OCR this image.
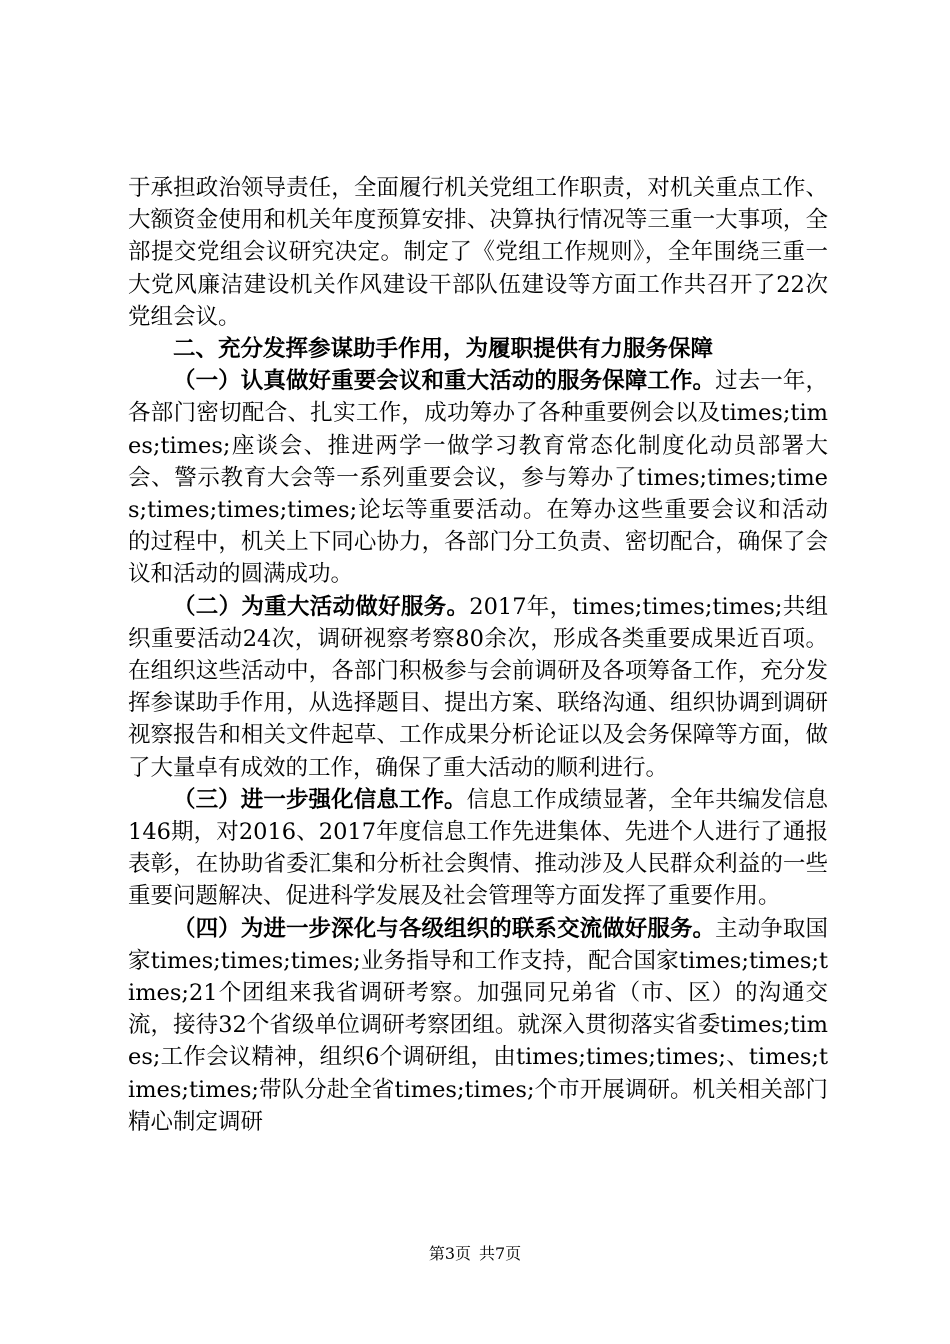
于承担政治领导责任，全面履行机关党组工作职责，对机关重点工作、大额资金使用和机关年度预算安排、决算执行情况等三重一大事项，全部提交党组会议研究决定。制定了《党组工作规则》，全年围绕三重一大党风廉洁建设机关作风建设干部队伍建设等方面工作共召开了22次党组会议。

二、充分发挥参谋助手作用，为履职提供有力服务保障

（一）认真做好重要会议和重大活动的服务保障工作。过去一年，各部门密切配合、扎实工作，成功筹办了各种重要例会以及times;times;times;座谈会、推进两学一做学习教育常态化制度化动员部署大会、警示教育大会等一系列重要会议，参与筹办了times;times;times;times;times;times;论坛等重要活动。在筹办这些重要会议和活动的过程中，机关上下同心协力，各部门分工负责、密切配合，确保了会议和活动的圆满成功。

（二）为重大活动做好服务。2017年，times;times;times;共组织重要活动24次，调研视察考察80余次，形成各类重要成果近百项。在组织这些活动中，各部门积极参与会前调研及各项筹备工作，充分发挥参谋助手作用，从选择题目、提出方案、联络沟通、组织协调到调研视察报告和相关文件起草、工作成果分析论证以及会务保障等方面，做了大量卓有成效的工作，确保了重大活动的顺利进行。

（三）进一步强化信息工作。信息工作成绩显著，全年共编发信息146期，对2016、2017年度信息工作先进集体、先进个人进行了通报表彰，在协助省委汇集和分析社会舆情、推动涉及人民群众利益的一些重要问题解决、促进科学发展及社会管理等方面发挥了重要作用。

（四）为进一步深化与各级组织的联系交流做好服务。主动争取国家times;times;times;业务指导和工作支持，配合国家times;times;times;21个团组来我省调研考察。加强同兄弟省（市、区）的沟通交流，接待32个省级单位调研考察团组。就深入贯彻落实省委times;times;工作会议精神，组织6个调研组，由times;times;times;、times;times;times;带队分赴全省times;times;个市开展调研。机关相关部门精心制定调研

第3页 共7页
